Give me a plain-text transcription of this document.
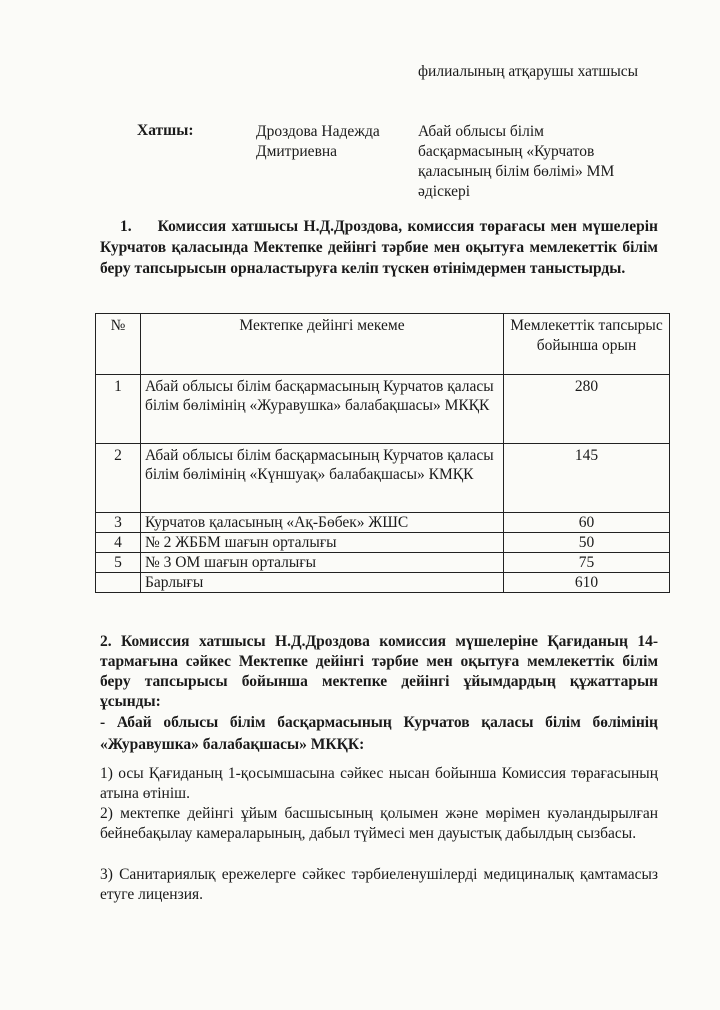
филиалының атқарушы хатшысы
Хатшы:	Дроздова Надежда Дмитриевна
Абай облысы білім басқармасының «Курчатов қаласының білім бөлімі» ММ әдіскері
1. Комиссия хатшысы Н.Д.Дроздова, комиссия төрағасы мен мүшелерін Курчатов қаласында Мектепке дейінгі тәрбие мен оқытуға мемлекеттік білім беру тапсырысын орналастыруға келіп түскен өтінімдермен таныстырды.
№	Мектепке дейінгі мекеме	Мемлекеттік тапсырыс бойынша орын
1	Абай облысы білім басқармасының Курчатов қаласы білім бөлімінің «Журавушка» балабақшасы» МКҚК	280
2	Абай облысы білім басқармасының Курчатов қаласы білім бөлімінің «Күншуақ» балабақшасы» КМҚК	145
3	Курчатов қаласының «Ақ-Бөбек» ЖШС	60
4	№ 2 ЖББМ шағын орталығы	50
5	№ 3 ОМ шағын орталығы	75
	Барлығы	610
2. Комиссия хатшысы Н.Д.Дроздова комиссия мүшелеріне Қағиданың 14-тармағына сәйкес Мектепке дейінгі тәрбие мен оқытуға мемлекеттік білім беру тапсырысы бойынша мектепке дейінгі ұйымдардың құжаттарын ұсынды:
- Абай облысы білім басқармасының Курчатов қаласы білім бөлімінің «Журавушка» балабақшасы» МКҚК:
1) осы Қағиданың 1-қосымшасына сәйкес нысан бойынша Комиссия төрағасының атына өтініш.
2) мектепке дейінгі ұйым басшысының қолымен және мөрімен куәландырылған бейнебақылау камераларының, дабыл түймесі мен дауыстық дабылдың сызбасы.
3) Санитариялық ережелерге сәйкес тәрбиеленушілерді медициналық қамтамасыз етуге лицензия.
